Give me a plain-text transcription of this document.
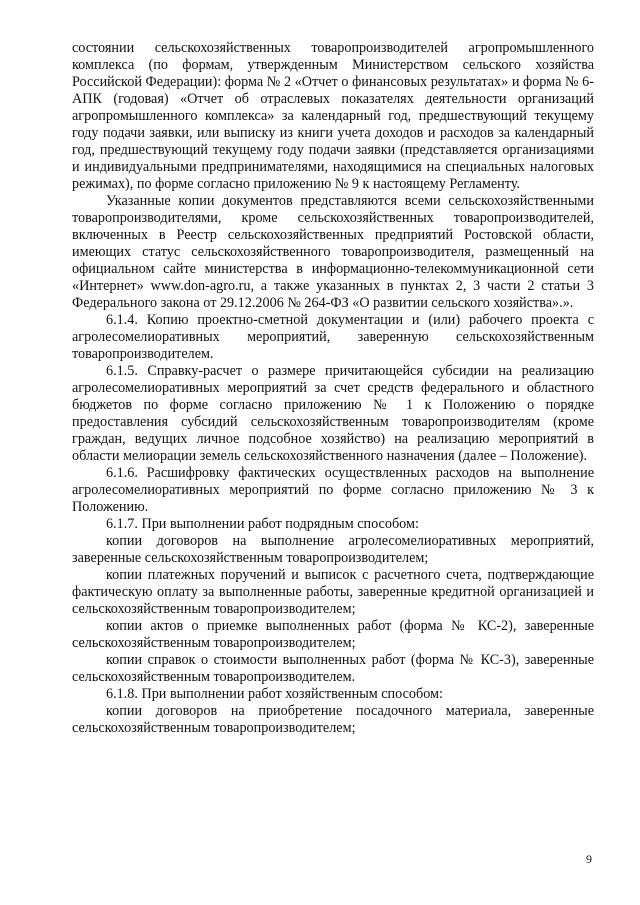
состоянии сельскохозяйственных товаропроизводителей агропромышленного комплекса (по формам, утвержденным Министерством сельского хозяйства Российской Федерации): форма № 2 «Отчет о финансовых результатах» и форма № 6-АПК (годовая) «Отчет об отраслевых показателях деятельности организаций агропромышленного комплекса» за календарный год, предшествующий текущему году подачи заявки, или выписку из книги учета доходов и расходов за календарный год, предшествующий текущему году подачи заявки (представляется организациями и индивидуальными предпринимателями, находящимися на специальных налоговых режимах), по форме согласно приложению № 9 к настоящему Регламенту.

Указанные копии документов представляются всеми сельскохозяйственными товаропроизводителями, кроме сельскохозяйственных товаропроизводителей, включенных в Реестр сельскохозяйственных предприятий Ростовской области, имеющих статус сельскохозяйственного товаропроизводителя, размещенный на официальном сайте министерства в информационно-телекоммуникационной сети «Интернет» www.don-agro.ru, а также указанных в пунктах 2, 3 части 2 статьи 3 Федерального закона от 29.12.2006 № 264-ФЗ «О развитии сельского хозяйства».».

6.1.4. Копию проектно-сметной документации и (или) рабочего проекта с агролесомелиоративных мероприятий, заверенную сельскохозяйственным товаропроизводителем.

6.1.5. Справку-расчет о размере причитающейся субсидии на реализацию агролесомелиоративных мероприятий за счет средств федерального и областного бюджетов по форме согласно приложению № 1 к Положению о порядке предоставления субсидий сельскохозяйственным товаропроизводителям (кроме граждан, ведущих личное подсобное хозяйство) на реализацию мероприятий в области мелиорации земель сельскохозяйственного назначения (далее – Положение).

6.1.6. Расшифровку фактических осуществленных расходов на выполнение агролесомелиоративных мероприятий по форме согласно приложению № 3 к Положению.

6.1.7. При выполнении работ подрядным способом:

копии договоров на выполнение агролесомелиоративных мероприятий, заверенные сельскохозяйственным товаропроизводителем;

копии платежных поручений и выписок с расчетного счета, подтверждающие фактическую оплату за выполненные работы, заверенные кредитной организацией и сельскохозяйственным товаропроизводителем;

копии актов о приемке выполненных работ (форма № КС-2), заверенные сельскохозяйственным товаропроизводителем;

копии справок о стоимости выполненных работ (форма № КС-3), заверенные сельскохозяйственным товаропроизводителем.

6.1.8. При выполнении работ хозяйственным способом:

копии договоров на приобретение посадочного материала, заверенные сельскохозяйственным товаропроизводителем;

9
